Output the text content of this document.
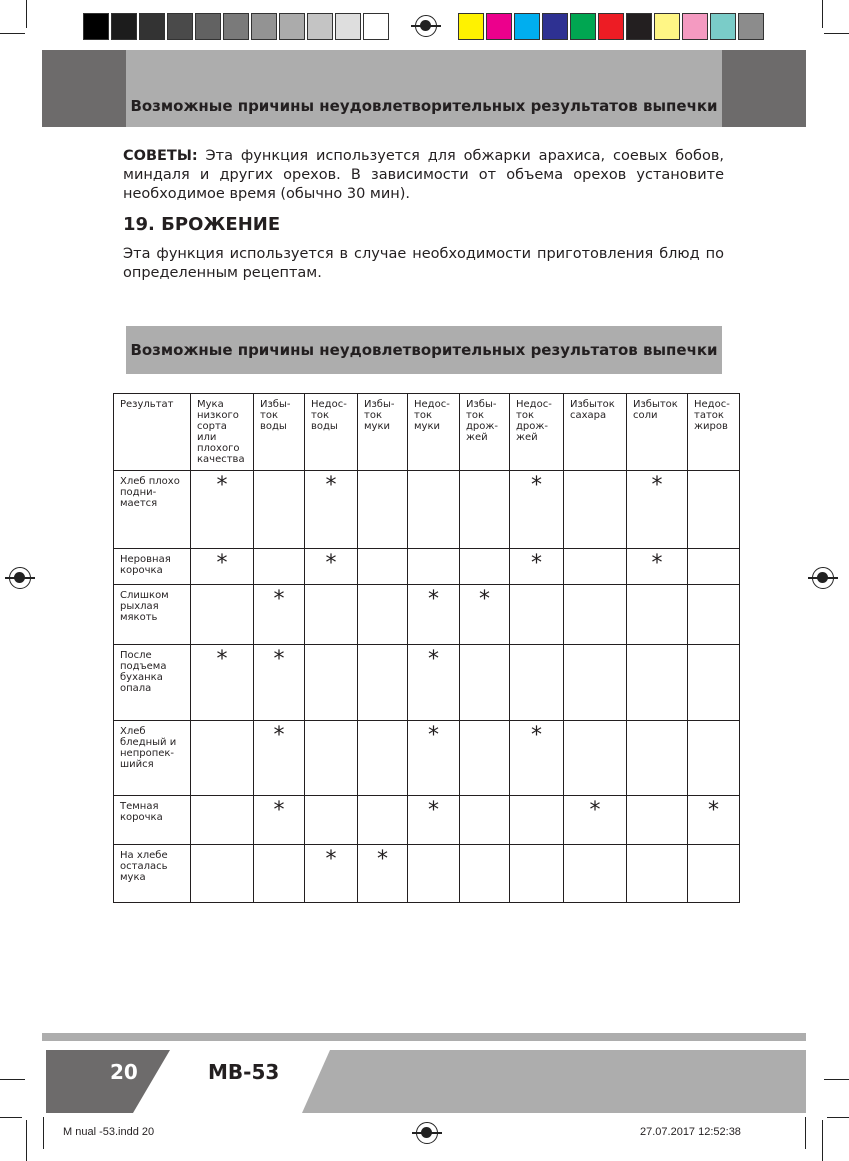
Возможные причины неудовлетворительных результатов выпечки

СОВЕТЫ: Эта функция используется для обжарки арахиса, соевых бобов, миндаля и других орехов. В зависимости от объема орехов установите необходимое время (обычно 30 мин).

19. БРОЖЕНИЕ

Эта функция используется в случае необходимости приготовления блюд по определенным рецептам.

Возможные причины неудовлетворительных результатов выпечки
Результат	Мука низкого сорта или плохого качества	Избы-ток воды	Недос-ток воды	Избы-ток муки	Недос-ток муки	Избы-ток дрож-жей	Недос-ток дрож-жей	Избыток сахара	Избыток соли	Недос-таток жиров
Хлеб плохо подни-мается	*		*				*		*	
Неровная корочка	*		*				*		*	
Слишком рыхлая мякоть		*			*	*				
После подъема буханка опала	*	*			*					
Хлеб бледный и непропек-шийся		*			*		*			
Темная корочка		*			*			*		*
На хлебе осталась мука			*	*						
20	MB-53
M nual -53.indd 20	27.07.2017 12:52:38
